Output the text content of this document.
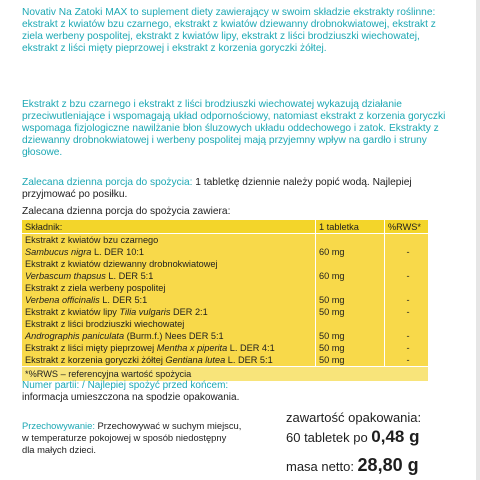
Novativ Na Zatoki MAX to suplement diety zawierający w swoim składzie ekstrakty roślinne: ekstrakt z kwiatów bzu czarnego, ekstrakt z kwiatów dziewanny drobnokwiatowej, ekstrakt z ziela werbeny pospolitej, ekstrakt z kwiatów lipy, ekstrakt z liści brodziuszki wiechowatej, ekstrakt z liści mięty pieprzowej i ekstrakt z korzenia goryczki żółtej.
Ekstrakt z bzu czarnego i ekstrakt z liści brodziuszki wiechowatej wykazują działanie przeciwutleniające i wspomagają układ odpornościowy, natomiast ekstrakt z korzenia goryczki wspomaga fizjologiczne nawilżanie błon śluzowych układu oddechowego i zatok. Ekstrakty z dziewanny drobnokwiatowej i werbeny pospolitej mają przyjemny wpływ na gardło i struny głosowe.
Zalecana dzienna porcja do spożycia: 1 tabletkę dziennie należy popić wodą. Najlepiej przyjmować po posiłku.
Zalecana dzienna porcja do spożycia zawiera:
Składnik:	1 tabletka	%RWS*
Ekstrakt z kwiatów bzu czarnego	60 mg	-
Sambucus nigra L. DER 10:1		
Ekstrakt z kwiatów dziewanny drobnokwiatowej	60 mg	-
Verbascum thapsus L. DER 5:1		
Ekstrakt z ziela werbeny pospolitej	50 mg	-
Verbena officinalis L. DER 5:1		
Ekstrakt z kwiatów lipy Tilia vulgaris DER 2:1	50 mg	-
Ekstrakt z liści brodziuszki wiechowatej	50 mg	-
Andrographis paniculata (Burm.f.) Nees DER 5:1		
Ekstrakt z liści mięty pieprzowej Mentha x piperita L. DER 4:1	50 mg	-
Ekstrakt z korzenia goryczki żółtej Gentiana lutea L. DER 5:1	50 mg	-
*%RWS – referencyjna wartość spożycia		
Numer partii: / Najlepiej spożyć przed końcem:
informacja umieszczona na spodzie opakowania.
Przechowywanie: Przechowywać w suchym miejscu,
w temperaturze pokojowej w sposób niedostępny
dla małych dzieci.
zawartość opakowania:
60 tabletek po 0,48 g
masa netto: 28,80 g
